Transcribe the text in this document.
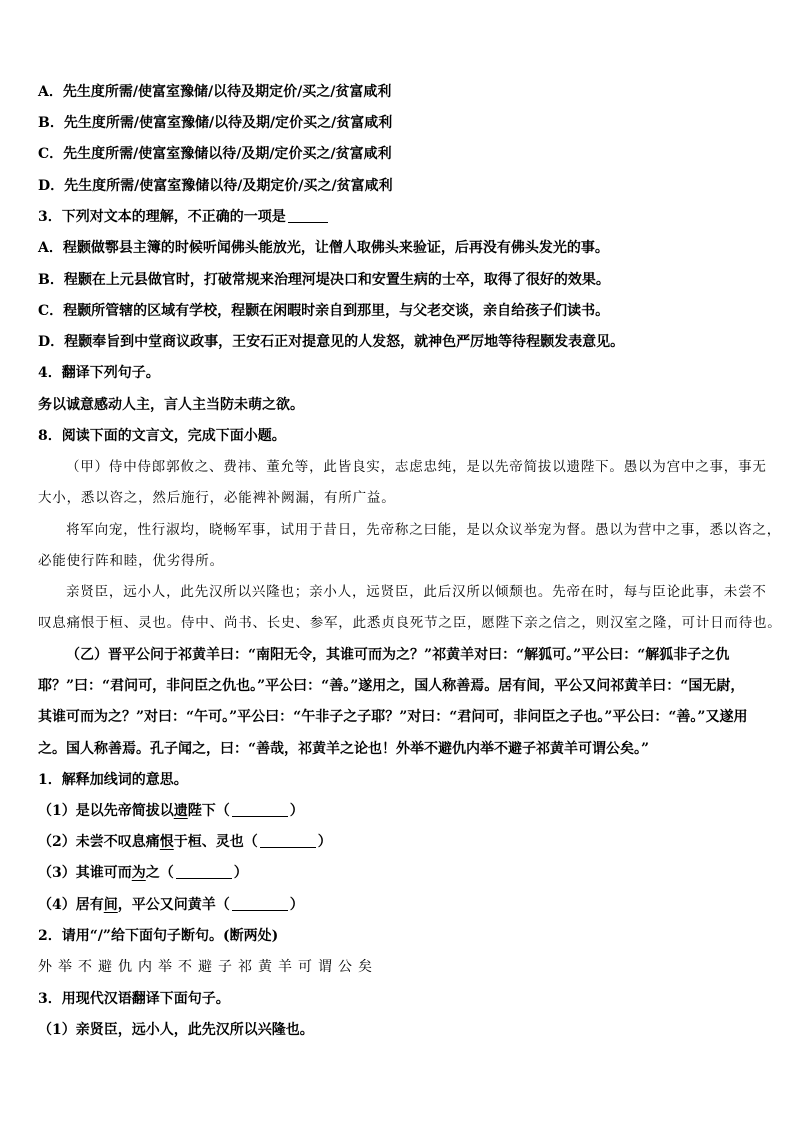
A．先生度所需/使富室豫储/以待及期定价/买之/贫富咸利
B．先生度所需/使富室豫储/以待及期/定价买之/贫富咸利
C．先生度所需/使富室豫储以待/及期/定价买之/贫富咸利
D．先生度所需/使富室豫储以待/及期定价/买之/贫富咸利
3．下列对文本的理解，不正确的一项是
A．程颢做鄠县主簿的时候听闻佛头能放光，让僧人取佛头来验证，后再没有佛头发光的事。
B．程颢在上元县做官时，打破常规来治理河堤决口和安置生病的士卒，取得了很好的效果。
C．程颢所管辖的区域有学校，程颢在闲暇时亲自到那里，与父老交谈，亲自给孩子们读书。
D．程颢奉旨到中堂商议政事，王安石正对提意见的人发怒，就神色严厉地等待程颢发表意见。
4．翻译下列句子。
务以诚意感动人主，言人主当防未萌之欲。
8．阅读下面的文言文，完成下面小题。
（甲）侍中侍郎郭攸之、费祎、董允等，此皆良实，志虑忠纯，是以先帝简拔以遗陛下。愚以为宫中之事，事无
大小，悉以咨之，然后施行，必能裨补阙漏，有所广益。
将军向宠，性行淑均，晓畅军事，试用于昔日，先帝称之曰能，是以众议举宠为督。愚以为营中之事，悉以咨之，
必能使行阵和睦，优劣得所。
亲贤臣，远小人，此先汉所以兴隆也；亲小人，远贤臣，此后汉所以倾颓也。先帝在时，每与臣论此事，未尝不
叹息痛恨于桓、灵也。侍中、尚书、长史、参军，此悉贞良死节之臣，愿陛下亲之信之，则汉室之隆，可计日而待也。
（乙）晋平公问于祁黄羊曰：“南阳无令，其谁可而为之？”祁黄羊对曰：“解狐可。”平公曰：“解狐非子之仇
耶？”曰：“君问可，非问臣之仇也。”平公曰：“善。”遂用之，国人称善焉。居有间，平公又问祁黄羊曰：“国无尉，
其谁可而为之？”对曰：“午可。”平公曰：“午非子之子耶？”对曰：“君问可，非问臣之子也。”平公曰：“善。”又遂用
之。国人称善焉。孔子闻之，曰：“善哉，祁黄羊之论也！外举不避仇内举不避子祁黄羊可谓公矣。”
1．解释加线词的意思。
（1）是以先帝简拔以遗陛下（	）
（2）未尝不叹息痛恨于桓、灵也（	）
（3）其谁可而为之（	）
（4）居有间，平公又问黄羊（	）
2．请用“/”给下面句子断句。(断两处)
外举不避仇内举不避子祁黄羊可谓公矣
3．用现代汉语翻译下面句子。
（1）亲贤臣，远小人，此先汉所以兴隆也。
